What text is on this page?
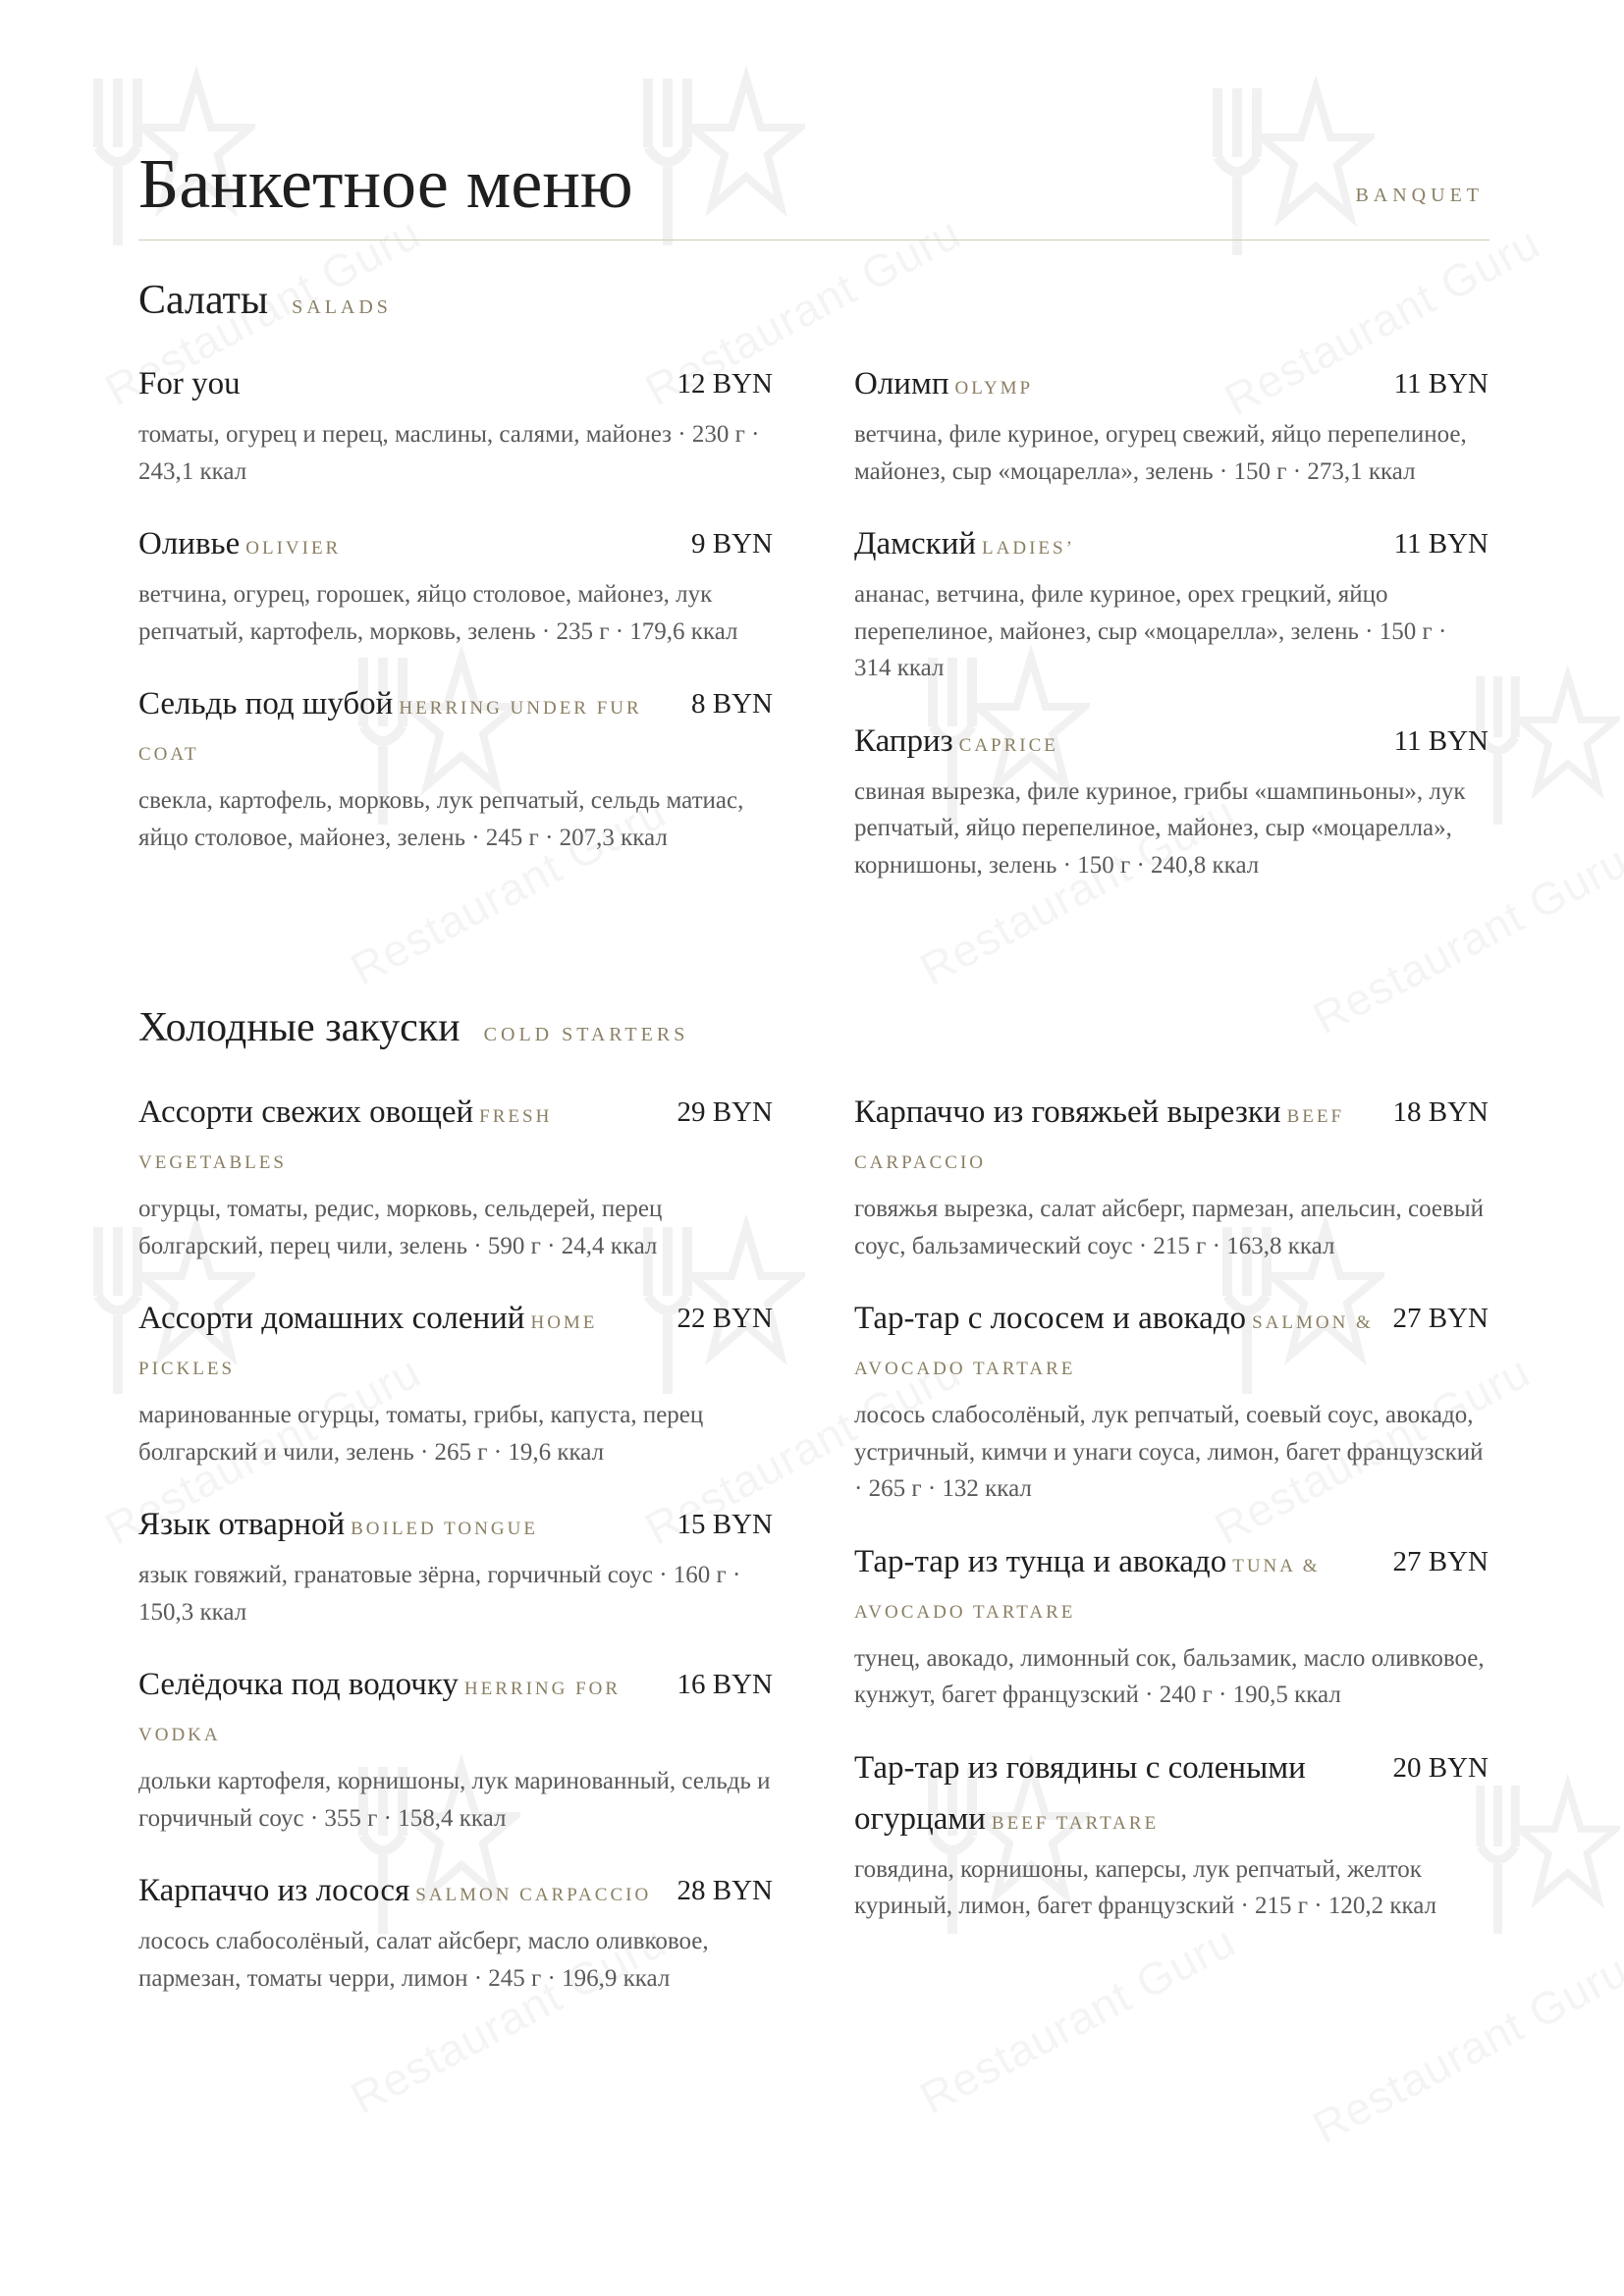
Банкетное меню	BANQUET
Салаты SALADS
For you	12 BYN
томаты, огурец и перец, маслины, салями, майонез · 230 г · 243,1 ккал
Оливье OLIVIER	9 BYN
ветчина, огурец, горошек, яйцо столовое, майонез, лук репчатый, картофель, морковь, зелень · 235 г · 179,6 ккал
Сельдь под шубой HERRING UNDER FUR COAT
8 BYN
свекла, картофель, морковь, лук репчатый, сельдь матиас, яйцо столовое, майонез, зелень · 245 г · 207,3 ккал
Олимп OLYMP	11 BYN
ветчина, филе куриное, огурец свежий, яйцо перепелиное, майонез, сыр «моцарелла», зелень · 150 г · 273,1 ккал
Дамский LADIES’	11 BYN
ананас, ветчина, филе куриное, орех грецкий, яйцо перепелиное, майонез, сыр «моцарелла», зелень · 150 г · 314 ккал
Каприз CAPRICE	11 BYN
свиная вырезка, филе куриное, грибы «шампиньоны», лук репчатый, яйцо перепелиное, майонез, сыр «моцарелла», корнишоны, зелень · 150 г · 240,8 ккал
Холодные закуски COLD STARTERS
Ассорти свежих овощей FRESH VEGETABLES
29 BYN
огурцы, томаты, редис, морковь, сельдерей, перец болгарский, перец чили, зелень · 590 г · 24,4 ккал
Ассорти домашних солений HOME PICKLES
22 BYN
маринованные огурцы, томаты, грибы, капуста, перец болгарский и чили, зелень · 265 г · 19,6 ккал
Язык отварной BOILED TONGUE	15 BYN
язык говяжий, гранатовые зёрна, горчичный соус · 160 г · 150,3 ккал
Селёдочка под водочку HERRING FOR VODKA
16 BYN
дольки картофеля, корнишоны, лук маринованный, сельдь и горчичный соус · 355 г · 158,4 ккал
Карпаччо из лосося SALMON CARPACCIO 28 BYN
лосось слабосолёный, салат айсберг, масло оливковое, пармезан, томаты черри, лимон · 245 г · 196,9 ккал
Карпаччо из говяжьей вырезки BEEF CARPACCIO
18 BYN
говяжья вырезка, салат айсберг, пармезан, апельсин, соевый соус, бальзамический соус · 215 г · 163,8 ккал
Тар-тар с лососем и авокадо SALMON & AVOCADO TARTARE
27 BYN
лосось слабосолёный, лук репчатый, соевый соус, авокадо, устричный, кимчи и унаги соуса, лимон, багет французский · 265 г · 132 ккал
Тар-тар из тунца и авокадо TUNA & AVOCADO TARTARE
27 BYN
тунец, авокадо, лимонный сок, бальзамик, масло оливковое, кунжут, багет французский · 240 г · 190,5 ккал
Тар-тар из говядины с солеными огурцами BEEF TARTARE
20 BYN
говядина, корнишоны, каперсы, лук репчатый, желток куриный, лимон, багет французский · 215 г · 120,2 ккал
